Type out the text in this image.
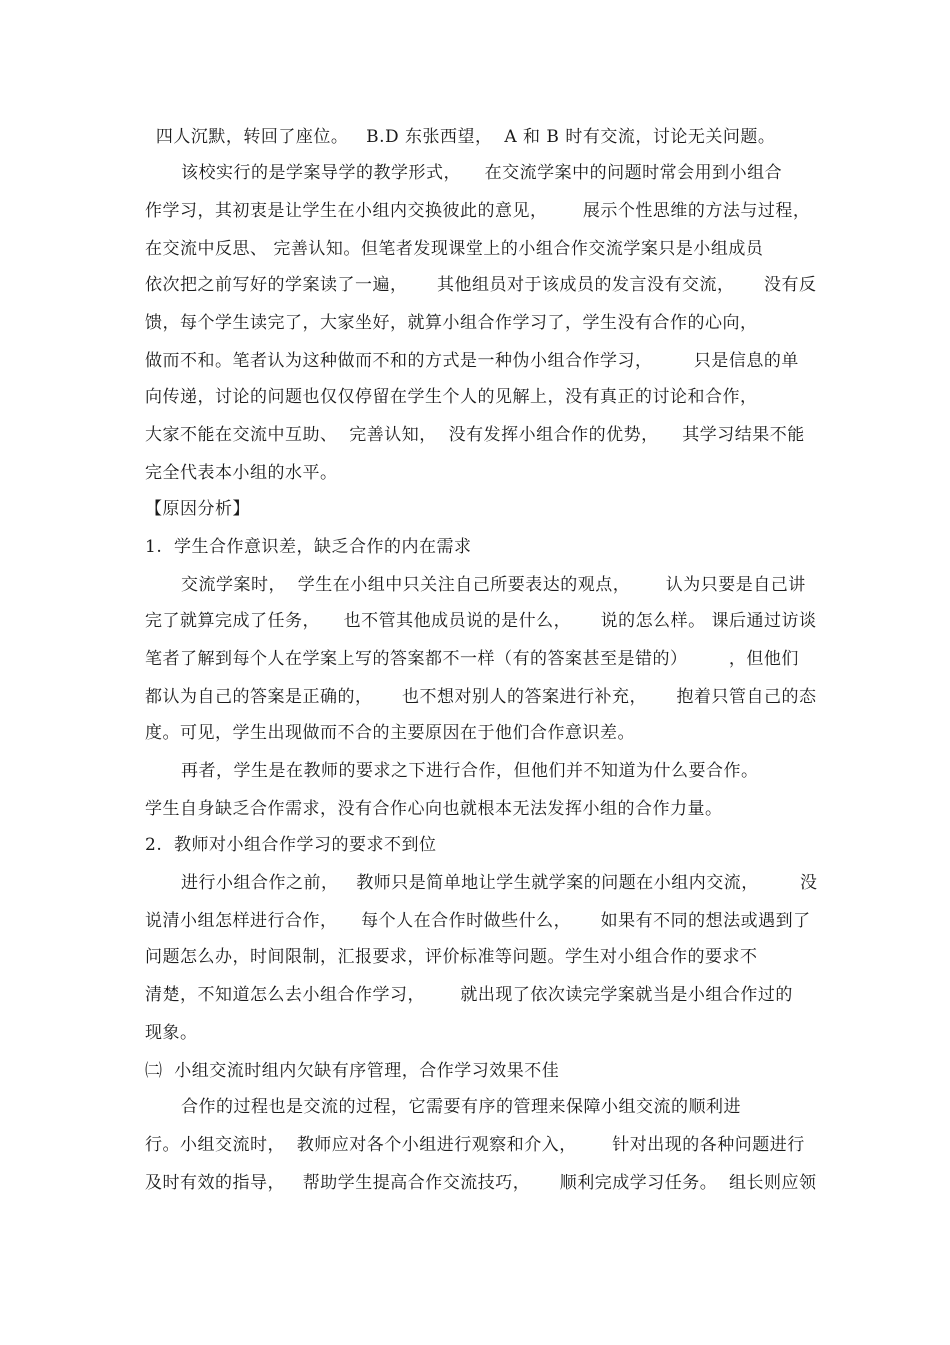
四人沉默，转回了座位。   B.D 东张西望，  A 和 B 时有交流，讨论无关问题。
该校实行的是学案导学的教学形式，    在交流学案中的问题时常会用到小组合
作学习，其初衷是让学生在小组内交换彼此的意见，      展示个性思维的方法与过程，
在交流中反思、 完善认知。但笔者发现课堂上的小组合作交流学案只是小组成员
依次把之前写好的学案读了一遍，     其他组员对于该成员的发言没有交流，     没有反
馈，每个学生读完了，大家坐好，就算小组合作学习了，学生没有合作的心向，
做而不和。笔者认为这种做而不和的方式是一种伪小组合作学习，       只是信息的单
向传递，讨论的问题也仅仅停留在学生个人的见解上，没有真正的讨论和合作，
大家不能在交流中互助、  完善认知，  没有发挥小组合作的优势，    其学习结果不能
完全代表本小组的水平。
【原因分析】
1.  学生合作意识差，缺乏合作的内在需求
交流学案时，  学生在小组中只关注自己所要表达的观点，      认为只要是自己讲
完了就算完成了任务，    也不管其他成员说的是什么，     说的怎么样。 课后通过访谈
笔者了解到每个人在学案上写的答案都不一样（有的答案甚至是错的）       ，但他们
都认为自己的答案是正确的，     也不想对别人的答案进行补充，     抱着只管自己的态
度。可见，学生出现做而不合的主要原因在于他们合作意识差。
再者，学生是在教师的要求之下进行合作，但他们并不知道为什么要合作。
学生自身缺乏合作需求，没有合作心向也就根本无法发挥小组的合作力量。
2.  教师对小组合作学习的要求不到位
进行小组合作之前，   教师只是简单地让学生就学案的问题在小组内交流，       没
说清小组怎样进行合作，    每个人在合作时做些什么，     如果有不同的想法或遇到了
问题怎么办，时间限制，汇报要求，评价标准等问题。学生对小组合作的要求不
清楚，不知道怎么去小组合作学习，      就出现了依次读完学案就当是小组合作过的
现象。
㈡  小组交流时组内欠缺有序管理，合作学习效果不佳
合作的过程也是交流的过程，它需要有序的管理来保障小组交流的顺利进
行。小组交流时，  教师应对各个小组进行观察和介入，      针对出现的各种问题进行
及时有效的指导，   帮助学生提高合作交流技巧，     顺利完成学习任务。  组长则应领
